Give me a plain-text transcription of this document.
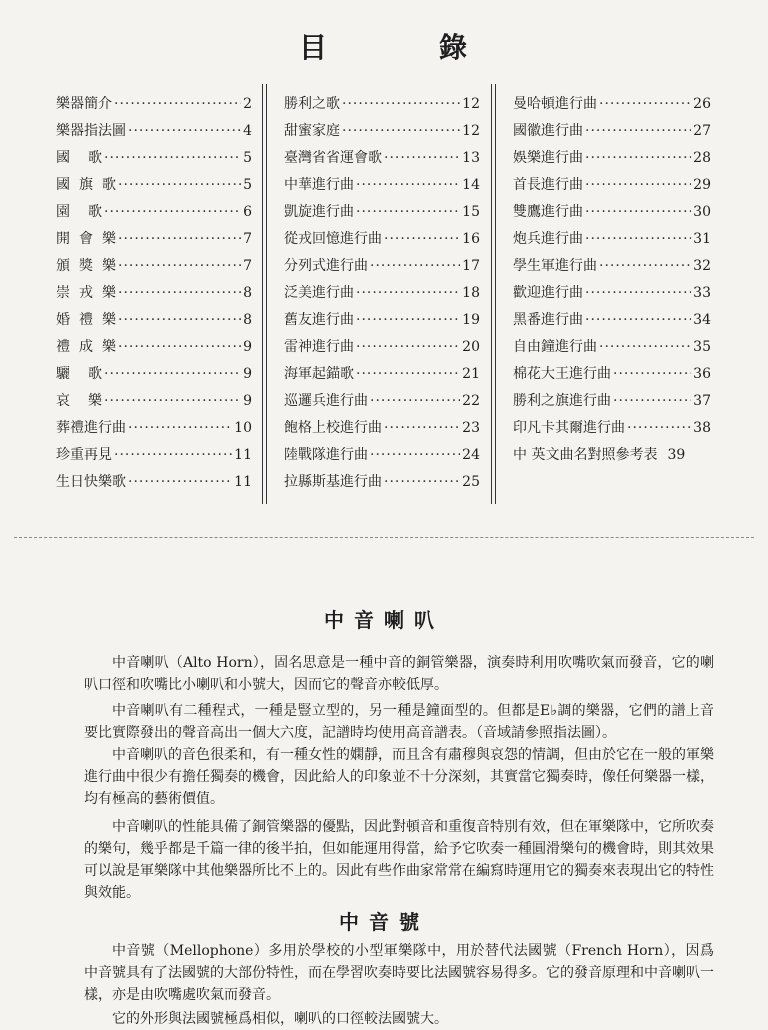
目	錄
樂器簡介 ·····	2
樂器指法圖 ·····	4
國 歌 ·····	5
國 旗 歌 ·····	5
園 歌 ·····	6
開 會 樂 ·····	7
頒 獎 樂 ·····	7
崇 戎 樂 ·····	8
婚 禮 樂 ·····	8
禮 成 樂 ·····	9
驪 歌 ·····	9
哀 樂 ·····	9
葬禮進行曲 ·····	10
珍重再見 ·····	11
生日快樂歌 ·····	11
勝利之歌 ·····	12
甜蜜家庭 ·····	12
臺灣省省運會歌 ·····	13
中華進行曲 ·····	14
凱旋進行曲 ·····	15
從戎回憶進行曲 ·····	16
分列式進行曲 ·····	17
泛美進行曲 ·····	18
舊友進行曲 ·····	19
雷神進行曲 ·····	20
海軍起錨歌 ·····	21
巡邏兵進行曲 ·····	22
飽格上校進行曲 ·····	23
陸戰隊進行曲 ·····	24
拉縣斯基進行曲 ·····	25
曼哈頓進行曲 ·····	26
國徽進行曲 ·····	27
娛樂進行曲 ·····	28
首長進行曲 ·····	29
雙鷹進行曲 ·····	30
炮兵進行曲 ·····	31
學生軍進行曲 ·····	32
歡迎進行曲 ·····	33
黑番進行曲 ·····	34
自由鐘進行曲 ·····	35
棉花大王進行曲 ·····	36
勝利之旗進行曲 ·····	37
印凡卡其爾進行曲 ·····	38
中 英文曲名對照參考表 39
中音喇叭

中音喇叭（Alto Horn），固名思意是一種中音的銅管樂器，演奏時利用吹嘴吹氣而發音，它的喇叭口徑和吹嘴比小喇叭和小號大，因而它的聲音亦較低厚。

中音喇叭有二種程式，一種是豎立型的，另一種是鐘面型的。但都是E♭調的樂器，它們的譜上音要比實際發出的聲音高出一個大六度，記譜時均使用高音譜表。（音域請參照指法圖）。

中音喇叭的音色很柔和，有一種女性的嫻靜，而且含有肅穆與哀怨的情調，但由於它在一般的軍樂進行曲中很少有擔任獨奏的機會，因此給人的印象並不十分深刻，其實當它獨奏時，像任何樂器一樣，均有極高的藝術價值。

中音喇叭的性能具備了銅管樂器的優點，因此對頓音和重復音特別有效，但在軍樂隊中，它所吹奏的樂句，幾乎都是千篇一律的後半拍，但如能運用得當，給予它吹奏一種圓滑樂句的機會時，則其效果可以說是軍樂隊中其他樂器所比不上的。因此有些作曲家常常在編寫時運用它的獨奏來表現出它的特性與效能。

中音號

中音號（Mellophone）多用於學校的小型軍樂隊中，用於替代法國號（French Horn），因爲中音號具有了法國號的大部份特性，而在學習吹奏時要比法國號容易得多。它的發音原理和中音喇叭一樣，亦是由吹嘴處吹氣而發音。

它的外形與法國號極爲相似，喇叭的口徑較法國號大。
